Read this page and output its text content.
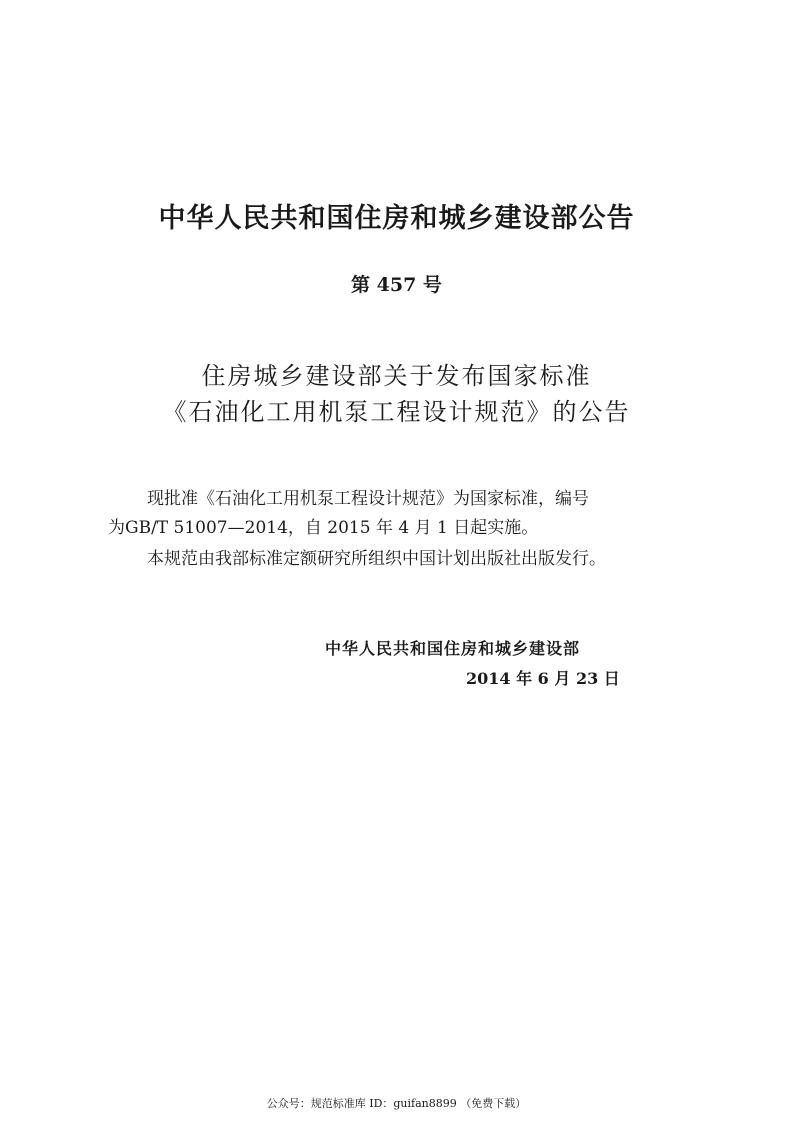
中华人民共和国住房和城乡建设部公告
第 457 号
住房城乡建设部关于发布国家标准
《石油化工用机泵工程设计规范》的公告
现批准《石油化工用机泵工程设计规范》为国家标准，编号
为GB/T 51007—2014，自 2015 年 4 月 1 日起实施。
本规范由我部标准定额研究所组织中国计划出版社出版发行。
中华人民共和国住房和城乡建设部
2014 年 6 月 23 日
公众号：规范标准库 ID：guifan8899 （免费下载）
